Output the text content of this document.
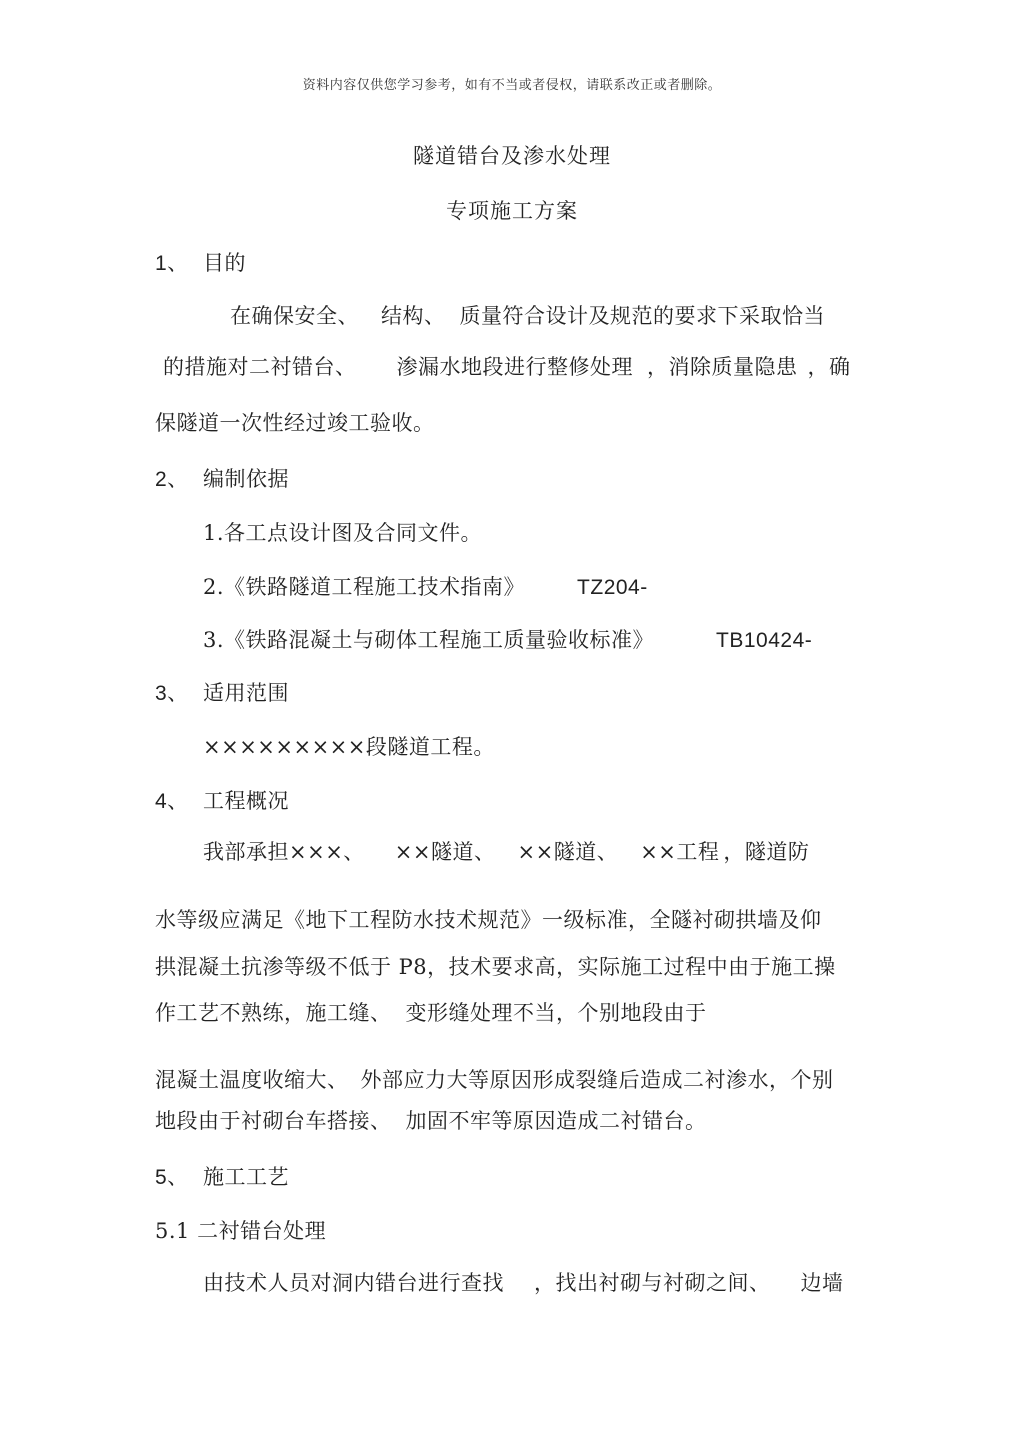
资料内容仅供您学习参考，如有不当或者侵权，请联系改正或者删除。
隧道错台及渗水处理
专项施工方案
1、 目的
在确保安全、 结构、 质量符合设计及规范的要求下采取恰当
的措施对二衬错台、 渗漏水地段进行整修处理 ，消除质量隐患 ，确
保隧道一次性经过竣工验收。
2、 编制依据
1.各工点设计图及合同文件。
2.《铁路隧道工程施工技术指南》 TZ204-
3.《铁路混凝土与砌体工程施工质量验收标准》	TB10424-
3、 适用范围
×××××××××段隧道工程。
4、 工程概况
我部承担×××、 ××隧道、 ××隧道、 ××工程 ，隧道防
水等级应满足《地下工程防水技术规范》一级标准，全隧衬砌拱墙及仰
拱混凝土抗渗等级不低于 P8，技术要求高，实际施工过程中由于施工操
作工艺不熟练，施工缝、 变形缝处理不当，个别地段由于
混凝土温度收缩大、 外部应力大等原因形成裂缝后造成二衬渗水，个别
地段由于衬砌台车搭接、 加固不牢等原因造成二衬错台。
5、 施工工艺
5.1 二衬错台处理
由技术人员对洞内错台进行查找 ，找出衬砌与衬砌之间、 边墙
